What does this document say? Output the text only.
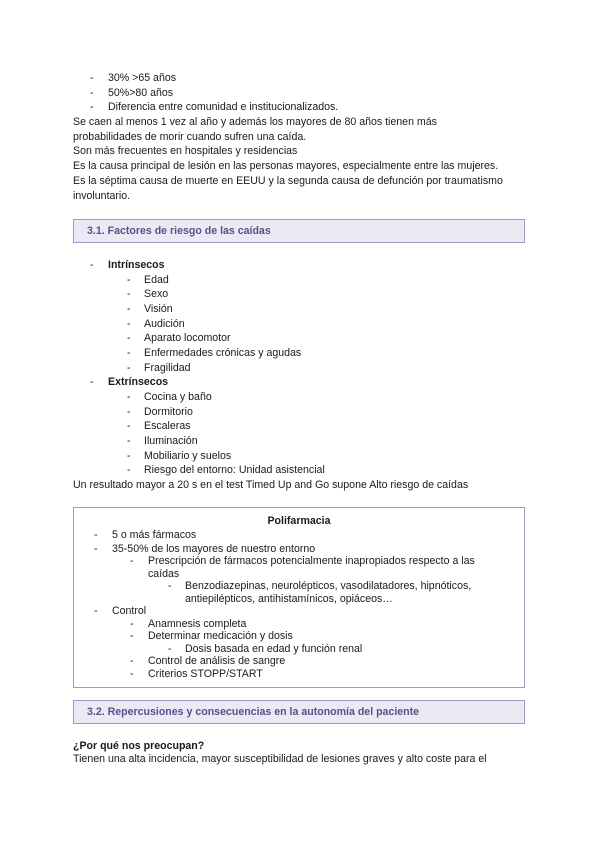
- 30% >65 años
- 50%>80 años
- Diferencia entre comunidad e institucionalizados.
Se caen al menos 1 vez al año y además los mayores de 80 años tienen más
probabilidades de morir cuando sufren una caída.
Son más frecuentes en hospitales y residencias
Es la causa principal de lesión en las personas mayores, especialmente entre las mujeres.
Es la séptima causa de muerte en EEUU y la segunda causa de defunción por traumatismo
involuntario.
3.1. Factores de riesgo de las caídas
- Intrínsecos
- Edad
- Sexo
- Visión
- Audición
- Aparato locomotor
- Enfermedades crónicas y agudas
- Fragilidad
- Extrínsecos
- Cocina y baño
- Dormitorio
- Escaleras
- Iluminación
- Mobiliario y suelos
- Riesgo del entorno: Unidad asistencial
Un resultado mayor a 20 s en el test Timed Up and Go supone Alto riesgo de caídas
Polifarmacia
- 5 o más fármacos
- 35-50% de los mayores de nuestro entorno
- Prescripción de fármacos potencialmente inapropiados respecto a las
caídas
- Benzodiazepinas, neurolépticos, vasodilatadores, hipnóticos,
antiepilépticos, antihistamínicos, opiáceos…
- Control
- Anamnesis completa
- Determinar medicación y dosis
- Dosis basada en edad y función renal
- Control de análisis de sangre
- Criterios STOPP/START
3.2. Repercusiones y consecuencias en la autonomía del paciente
¿Por qué nos preocupan?
Tienen una alta incidencia, mayor susceptibilidad de lesiones graves y alto coste para el
